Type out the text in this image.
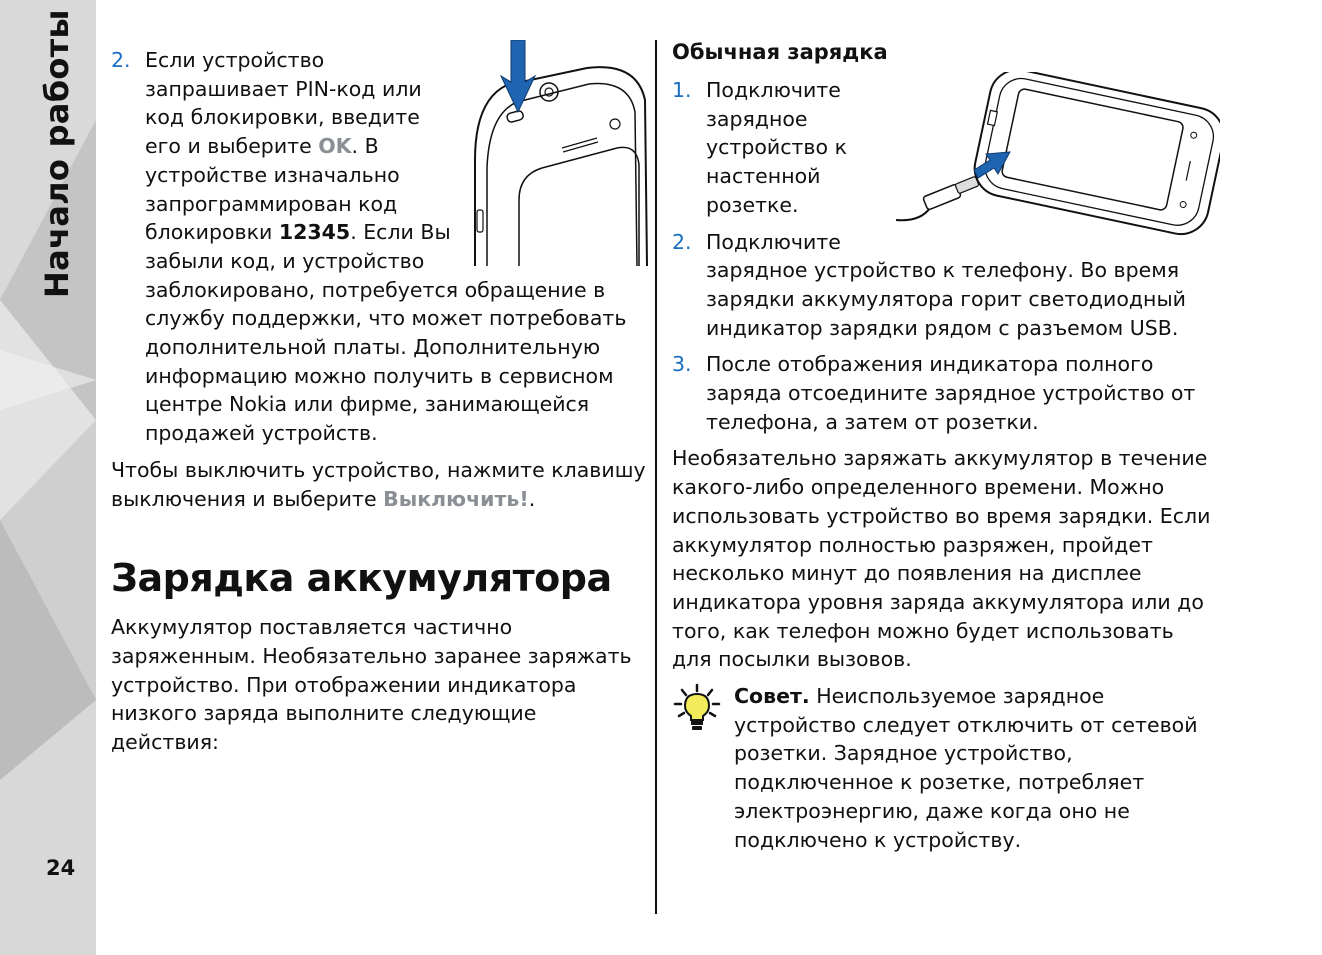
Начало работы
24
2. Если устройство запрашивает PIN-код или код блокировки, введите его и выберите OK. В устройстве изначально запрограммирован код блокировки 12345. Если Вы забыли код, и устройство заблокировано, потребуется обращение в службу поддержки, что может потребовать дополнительной платы. Дополнительную информацию можно получить в сервисном центре Nokia или фирме, занимающейся продажей устройств.

Чтобы выключить устройство, нажмите клавишу выключения и выберите Выключить!.

Зарядка аккумулятора

Аккумулятор поставляется частично заряженным. Необязательно заранее заряжать устройство. При отображении индикатора низкого заряда выполните следующие действия:

Обычная зарядка
1. Подключите зарядное устройство к настенной розетке.
2. Подключите зарядное устройство к телефону. Во время зарядки аккумулятора горит светодиодный индикатор зарядки рядом с разъемом USB.
3. После отображения индикатора полного заряда отсоедините зарядное устройство от телефона, а затем от розетки.

Необязательно заряжать аккумулятор в течение какого-либо определенного времени. Можно использовать устройство во время зарядки. Если аккумулятор полностью разряжен, пройдет несколько минут до появления на дисплее индикатора уровня заряда аккумулятора или до того, как телефон можно будет использовать для посылки вызовов.

Совет. Неиспользуемое зарядное устройство следует отключить от сетевой розетки. Зарядное устройство, подключенное к розетке, потребляет электроэнергию, даже когда оно не подключено к устройству.
